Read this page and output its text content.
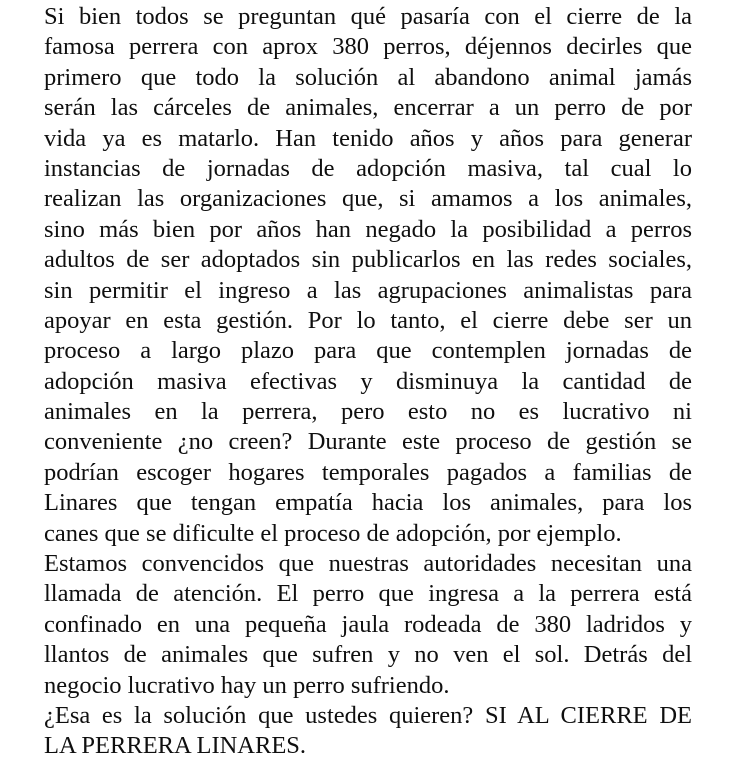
Si bien todos se preguntan qué pasaría con el cierre de la
famosa perrera con aprox 380 perros, déjennos decirles que
primero que todo la solución al abandono animal jamás
serán las cárceles de animales, encerrar a un perro de por
vida ya es matarlo. Han tenido años y años para generar
instancias de jornadas de adopción masiva, tal cual lo
realizan las organizaciones que, si amamos a los animales,
sino más bien por años han negado la posibilidad a perros
adultos de ser adoptados sin publicarlos en las redes sociales,
sin permitir el ingreso a las agrupaciones animalistas para
apoyar en esta gestión. Por lo tanto, el cierre debe ser un
proceso a largo plazo para que contemplen jornadas de
adopción masiva efectivas y disminuya la cantidad de
animales en la perrera, pero esto no es lucrativo ni
conveniente ¿no creen? Durante este proceso de gestión se
podrían escoger hogares temporales pagados a familias de
Linares que tengan empatía hacia los animales, para los
canes que se dificulte el proceso de adopción, por ejemplo.

Estamos convencidos que nuestras autoridades necesitan una
llamada de atención. El perro que ingresa a la perrera está
confinado en una pequeña jaula rodeada de 380 ladridos y
llantos de animales que sufren y no ven el sol. Detrás del
negocio lucrativo hay un perro sufriendo.

¿Esa es la solución que ustedes quieren? SI AL CIERRE DE
LA PERRERA LINARES.
